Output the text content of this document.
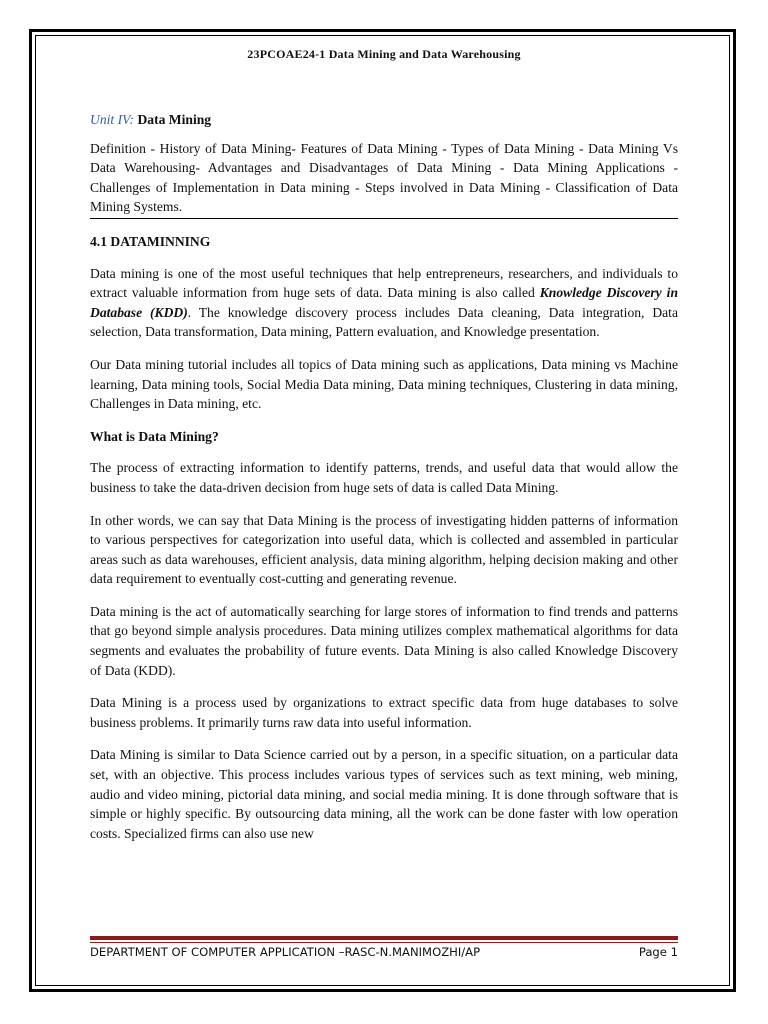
23PCOAE24-1 Data Mining and Data Warehousing
Unit IV: Data Mining

Definition - History of Data Mining- Features of Data Mining - Types of Data Mining - Data Mining Vs Data Warehousing- Advantages and Disadvantages of Data Mining - Data Mining Applications - Challenges of Implementation in Data mining - Steps involved in Data Mining - Classification of Data Mining Systems.

4.1 DATAMINNING

Data mining is one of the most useful techniques that help entrepreneurs, researchers, and individuals to extract valuable information from huge sets of data. Data mining is also called Knowledge Discovery in Database (KDD). The knowledge discovery process includes Data cleaning, Data integration, Data selection, Data transformation, Data mining, Pattern evaluation, and Knowledge presentation.

Our Data mining tutorial includes all topics of Data mining such as applications, Data mining vs Machine learning, Data mining tools, Social Media Data mining, Data mining techniques, Clustering in data mining, Challenges in Data mining, etc.

What is Data Mining?

The process of extracting information to identify patterns, trends, and useful data that would allow the business to take the data-driven decision from huge sets of data is called Data Mining.

In other words, we can say that Data Mining is the process of investigating hidden patterns of information to various perspectives for categorization into useful data, which is collected and assembled in particular areas such as data warehouses, efficient analysis, data mining algorithm, helping decision making and other data requirement to eventually cost-cutting and generating revenue.

Data mining is the act of automatically searching for large stores of information to find trends and patterns that go beyond simple analysis procedures. Data mining utilizes complex mathematical algorithms for data segments and evaluates the probability of future events. Data Mining is also called Knowledge Discovery of Data (KDD).

Data Mining is a process used by organizations to extract specific data from huge databases to solve business problems. It primarily turns raw data into useful information.

Data Mining is similar to Data Science carried out by a person, in a specific situation, on a particular data set, with an objective. This process includes various types of services such as text mining, web mining, audio and video mining, pictorial data mining, and social media mining. It is done through software that is simple or highly specific. By outsourcing data mining, all the work can be done faster with low operation costs. Specialized firms can also use new

DEPARTMENT OF COMPUTER APPLICATION –RASC-N.MANIMOZHI/AP	Page 1
